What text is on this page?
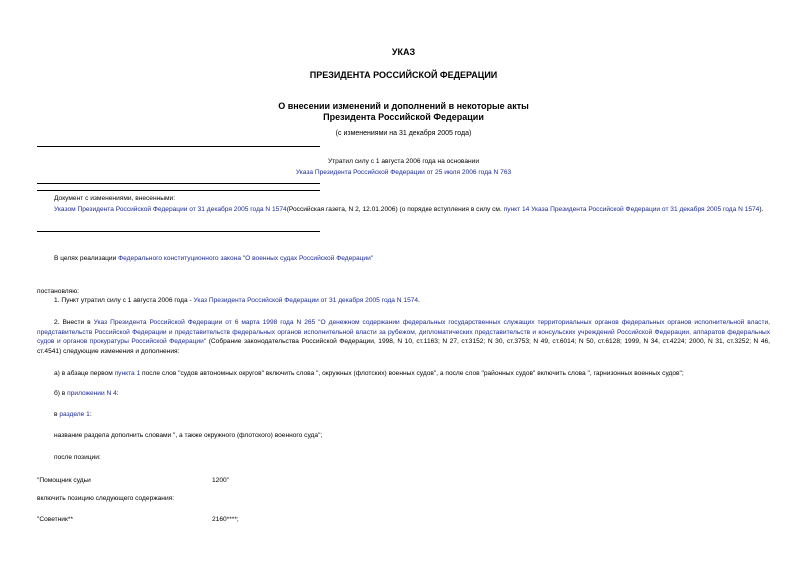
УКАЗ
ПРЕЗИДЕНТА РОССИЙСКОЙ ФЕДЕРАЦИИ
О внесении изменений и дополнений в некоторые акты
Президента Российской Федерации
(с изменениями на 31 декабря 2005 года)
Утратил силу с 1 августа 2006 года на основании
Указа Президента Российской Федерации от 25 июля 2006 года N 763
Документ с изменениями, внесенными:
Указом Президента Российской Федерации от 31 декабря 2005 года N 1574(Российская газета, N 2, 12.01.2006) (о порядке вступления в силу см. пункт 14 Указа Президента Российской Федерации от 31 декабря 2005 года N 1574).
В целях реализации Федерального конституционного закона "О военных судах Российской Федерации"
постановляю:
1. Пункт утратил силу с 1 августа 2006 года - Указ Президента Российской Федерации от 31 декабря 2005 года N 1574.
2. Внести в Указ Президента Российской Федерации от 6 марта 1998 года N 265 "О денежном содержании федеральных государственных служащих территориальных органов федеральных органов исполнительной власти, представительств Российской Федерации и представительств федеральных органов исполнительной власти за рубежом, дипломатических представительств и консульских учреждений Российской Федерации, аппаратов федеральных судов и органов прокуратуры Российской Федерации" (Собрание законодательства Российской Федерации, 1998, N 10, ст.1163; N 27, ст.3152; N 30, ст.3753; N 49, ст.6014; N 50, ст.6128; 1999, N 34, ст.4224; 2000, N 31, ст.3252; N 46, ст.4541) следующие изменения и дополнения:
а) в абзаце первом пункта 1 после слов "судов автономных округов" включить слова ", окружных (флотских) военных судов", а после слов "районных судов" включить слова ", гарнизонных военных судов";
б) в приложении N 4:
в разделе 1:
название раздела дополнить словами ", а также окружного (флотского) военного суда";
после позиции:
"Помощник судьи	1200"
включить позицию следующего содержания:
"Советник**	2160****;
